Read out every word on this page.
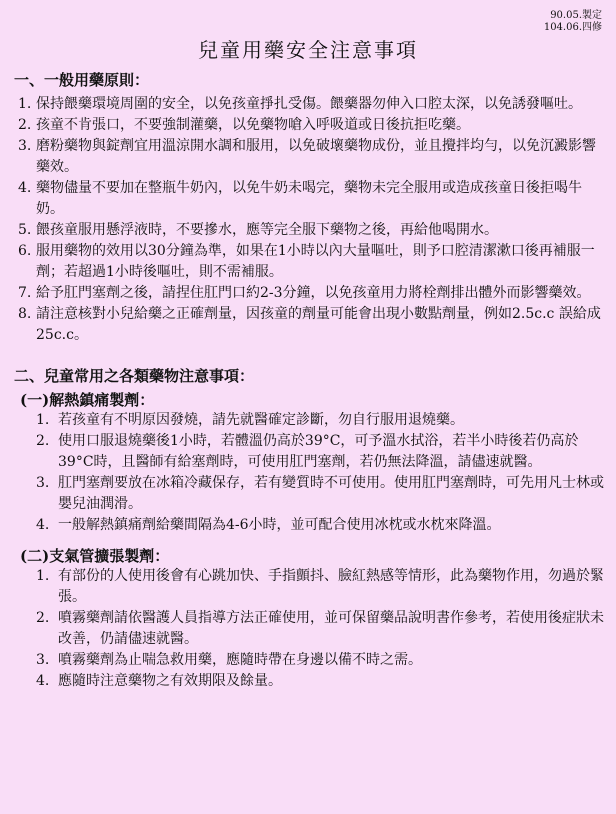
90.05.製定
104.06.四修
兒童用藥安全注意事項
一、一般用藥原則：
1. 保持餵藥環境周圍的安全，以免孩童掙扎受傷。餵藥器勿伸入口腔太深，以免誘發嘔吐。
2. 孩童不肯張口，不要強制灌藥，以免藥物嗆入呼吸道或日後抗拒吃藥。
3. 磨粉藥物與錠劑宜用溫涼開水調和服用，以免破壞藥物成份，並且攪拌均勻，以免沉澱影響藥效。
4. 藥物儘量不要加在整瓶牛奶內，以免牛奶未喝完，藥物未完全服用或造成孩童日後拒喝牛奶。
5. 餵孩童服用懸浮液時，不要摻水，應等完全服下藥物之後，再給他喝開水。
6. 服用藥物的效用以30分鐘為準，如果在1小時以內大量嘔吐，則予口腔清潔漱口後再補服一劑；若超過1小時後嘔吐，則不需補服。
7. 給予肛門塞劑之後，請捏住肛門口約2-3分鐘，以免孩童用力將栓劑排出體外而影響藥效。
8. 請注意核對小兒給藥之正確劑量，因孩童的劑量可能會出現小數點劑量，例如2.5c.c 誤給成25c.c。
二、兒童常用之各類藥物注意事項：
(一)解熱鎮痛製劑：
1. 若孩童有不明原因發燒，請先就醫確定診斷，勿自行服用退燒藥。
2. 使用口服退燒藥後1小時，若體溫仍高於39°C，可予溫水拭浴，若半小時後若仍高於39°C時，且醫師有給塞劑時，可使用肛門塞劑，若仍無法降溫，請儘速就醫。
3. 肛門塞劑要放在冰箱冷藏保存，若有變質時不可使用。使用肛門塞劑時，可先用凡士林或嬰兒油潤滑。
4. 一般解熱鎮痛劑給藥間隔為4-6小時，並可配合使用冰枕或水枕來降溫。
(二)支氣管擴張製劑：
1. 有部份的人使用後會有心跳加快、手指顫抖、臉紅熱感等情形，此為藥物作用，勿過於緊張。
2. 噴霧藥劑請依醫護人員指導方法正確使用，並可保留藥品說明書作參考，若使用後症狀未改善，仍請儘速就醫。
3. 噴霧藥劑為止喘急救用藥，應隨時帶在身邊以備不時之需。
4. 應隨時注意藥物之有效期限及餘量。
